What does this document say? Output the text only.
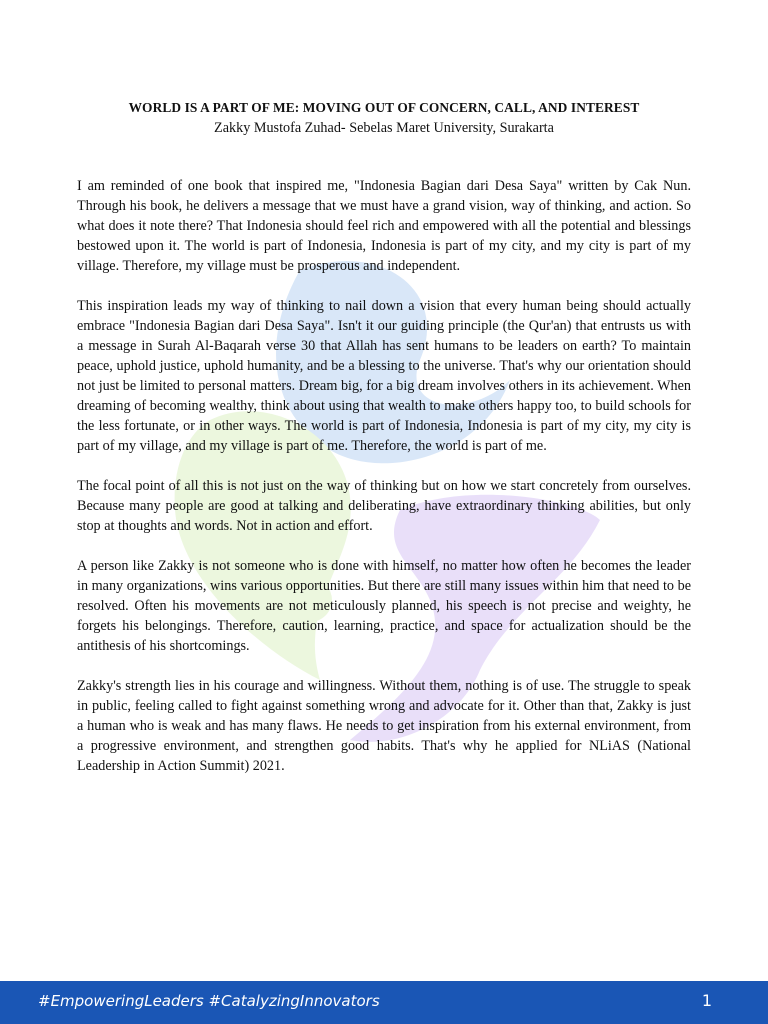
WORLD IS A PART OF ME: MOVING OUT OF CONCERN, CALL, AND INTEREST

Zakky Mustofa Zuhad- Sebelas Maret University, Surakarta

I am reminded of one book that inspired me, "Indonesia Bagian dari Desa Saya" written by Cak Nun. Through his book, he delivers a message that we must have a grand vision, way of thinking, and action. So what does it note there? That Indonesia should feel rich and empowered with all the potential and blessings bestowed upon it. The world is part of Indonesia, Indonesia is part of my city, and my city is part of my village. Therefore, my village must be prosperous and independent.

This inspiration leads my way of thinking to nail down a vision that every human being should actually embrace "Indonesia Bagian dari Desa Saya". Isn't it our guiding principle (the Qur'an) that entrusts us with a message in Surah Al-Baqarah verse 30 that Allah has sent humans to be leaders on earth? To maintain peace, uphold justice, uphold humanity, and be a blessing to the universe. That's why our orientation should not just be limited to personal matters. Dream big, for a big dream involves others in its achievement. When dreaming of becoming wealthy, think about using that wealth to make others happy too, to build schools for the less fortunate, or in other ways. The world is part of Indonesia, Indonesia is part of my city, my city is part of my village, and my village is part of me. Therefore, the world is part of me.

The focal point of all this is not just on the way of thinking but on how we start concretely from ourselves. Because many people are good at talking and deliberating, have extraordinary thinking abilities, but only stop at thoughts and words. Not in action and effort.

A person like Zakky is not someone who is done with himself, no matter how often he becomes the leader in many organizations, wins various opportunities. But there are still many issues within him that need to be resolved. Often his movements are not meticulously planned, his speech is not precise and weighty, he forgets his belongings. Therefore, caution, learning, practice, and space for actualization should be the antithesis of his shortcomings.

Zakky's strength lies in his courage and willingness. Without them, nothing is of use. The struggle to speak in public, feeling called to fight against something wrong and advocate for it. Other than that, Zakky is just a human who is weak and has many flaws. He needs to get inspiration from his external environment, from a progressive environment, and strengthen good habits. That's why he applied for NLiAS (National Leadership in Action Summit) 2021.

#EmpoweringLeaders #CatalyzingInnovators	1
